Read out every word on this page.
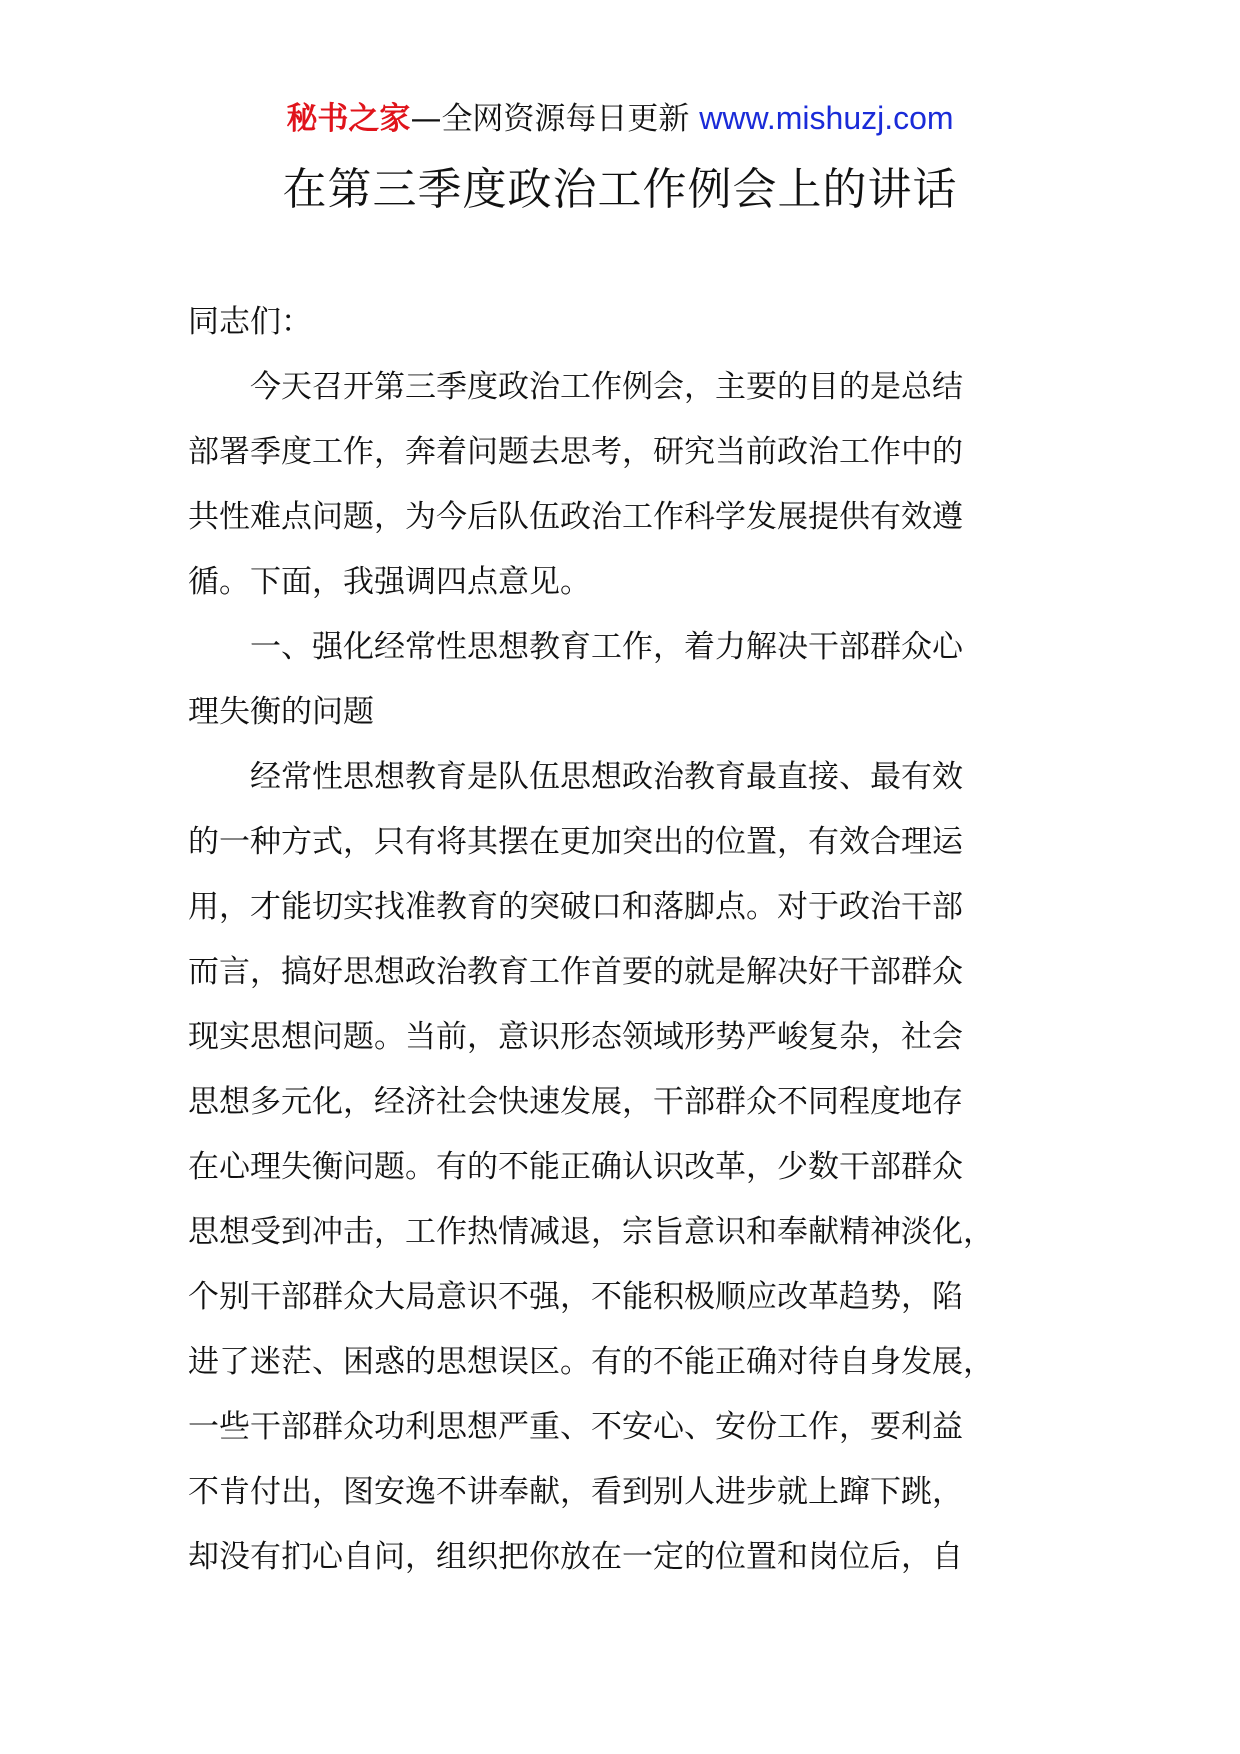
秘书之家—全网资源每日更新 www.mishuzj.com
在第三季度政治工作例会上的讲话

同志们：

今天召开第三季度政治工作例会，主要的目的是总结
部署季度工作，奔着问题去思考，研究当前政治工作中的
共性难点问题，为今后队伍政治工作科学发展提供有效遵
循。下面，我强调四点意见。

一、强化经常性思想教育工作，着力解决干部群众心
理失衡的问题

经常性思想教育是队伍思想政治教育最直接、最有效
的一种方式，只有将其摆在更加突出的位置，有效合理运
用，才能切实找准教育的突破口和落脚点。对于政治干部
而言，搞好思想政治教育工作首要的就是解决好干部群众
现实思想问题。当前，意识形态领域形势严峻复杂，社会
思想多元化，经济社会快速发展，干部群众不同程度地存
在心理失衡问题。有的不能正确认识改革，少数干部群众
思想受到冲击，工作热情减退，宗旨意识和奉献精神淡化，
个别干部群众大局意识不强，不能积极顺应改革趋势，陷
进了迷茫、困惑的思想误区。有的不能正确对待自身发展，
一些干部群众功利思想严重、不安心、安份工作，要利益
不肯付出，图安逸不讲奉献，看到别人进步就上蹿下跳，
却没有扪心自问，组织把你放在一定的位置和岗位后，自
